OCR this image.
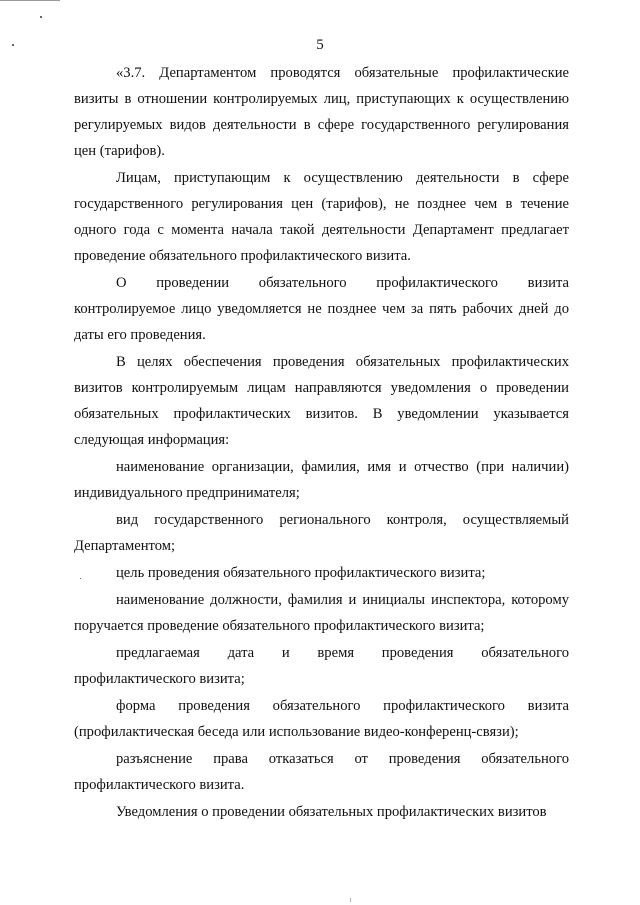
5

«3.7. Департаментом проводятся обязательные профилактические визиты в отношении контролируемых лиц, приступающих к осуществлению регулируемых видов деятельности в сфере государственного регулирования цен (тарифов).

Лицам, приступающим к осуществлению деятельности в сфере государственного регулирования цен (тарифов), не позднее чем в течение одного года с момента начала такой деятельности Департамент предлагает проведение обязательного профилактического визита.

О проведении обязательного профилактического визита контролируемое лицо уведомляется не позднее чем за пять рабочих дней до даты его проведения.

В целях обеспечения проведения обязательных профилактических визитов контролируемым лицам направляются уведомления о проведении обязательных профилактических визитов. В уведомлении указывается следующая информация:

наименование организации, фамилия, имя и отчество (при наличии) индивидуального предпринимателя;

вид государственного регионального контроля, осуществляемый Департаментом;

цель проведения обязательного профилактического визита;

наименование должности, фамилия и инициалы инспектора, которому поручается проведение обязательного профилактического визита;

предлагаемая дата и время проведения обязательного профилактического визита;

форма проведения обязательного профилактического визита (профилактическая беседа или использование видео-конференц-связи);

разъяснение права отказаться от проведения обязательного профилактического визита.

Уведомления о проведении обязательных профилактических визитов
